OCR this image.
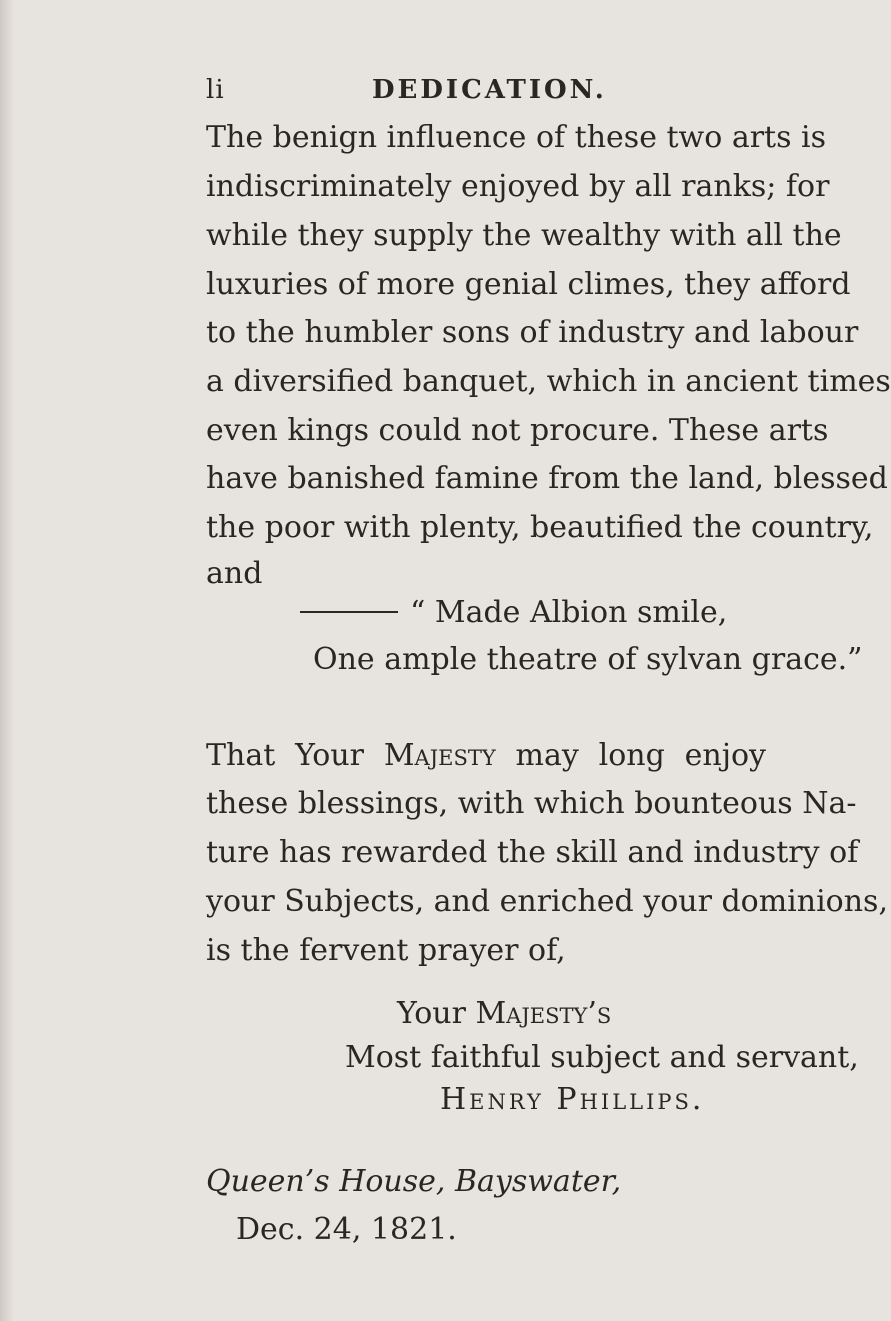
li	DEDICATION.
The benign influence of these two arts is
indiscriminately enjoyed by all ranks; for
while they supply the wealthy with all the
luxuries of more genial climes, they afford
to the humbler sons of industry and labour
a diversified banquet, which in ancient times
even kings could not procure. These arts
have banished famine from the land, blessed
the poor with plenty, beautified the country,
and
“ Made Albion smile,
One ample theatre of sylvan grace.”
That Your Majesty may long enjoy
these blessings, with which bounteous Na-
ture has rewarded the skill and industry of
your Subjects, and enriched your dominions,
is the fervent prayer of,
Your Majesty’s
Most faithful subject and servant,
Henry Phillips.
Queen’s House, Bayswater,
Dec. 24, 1821.
